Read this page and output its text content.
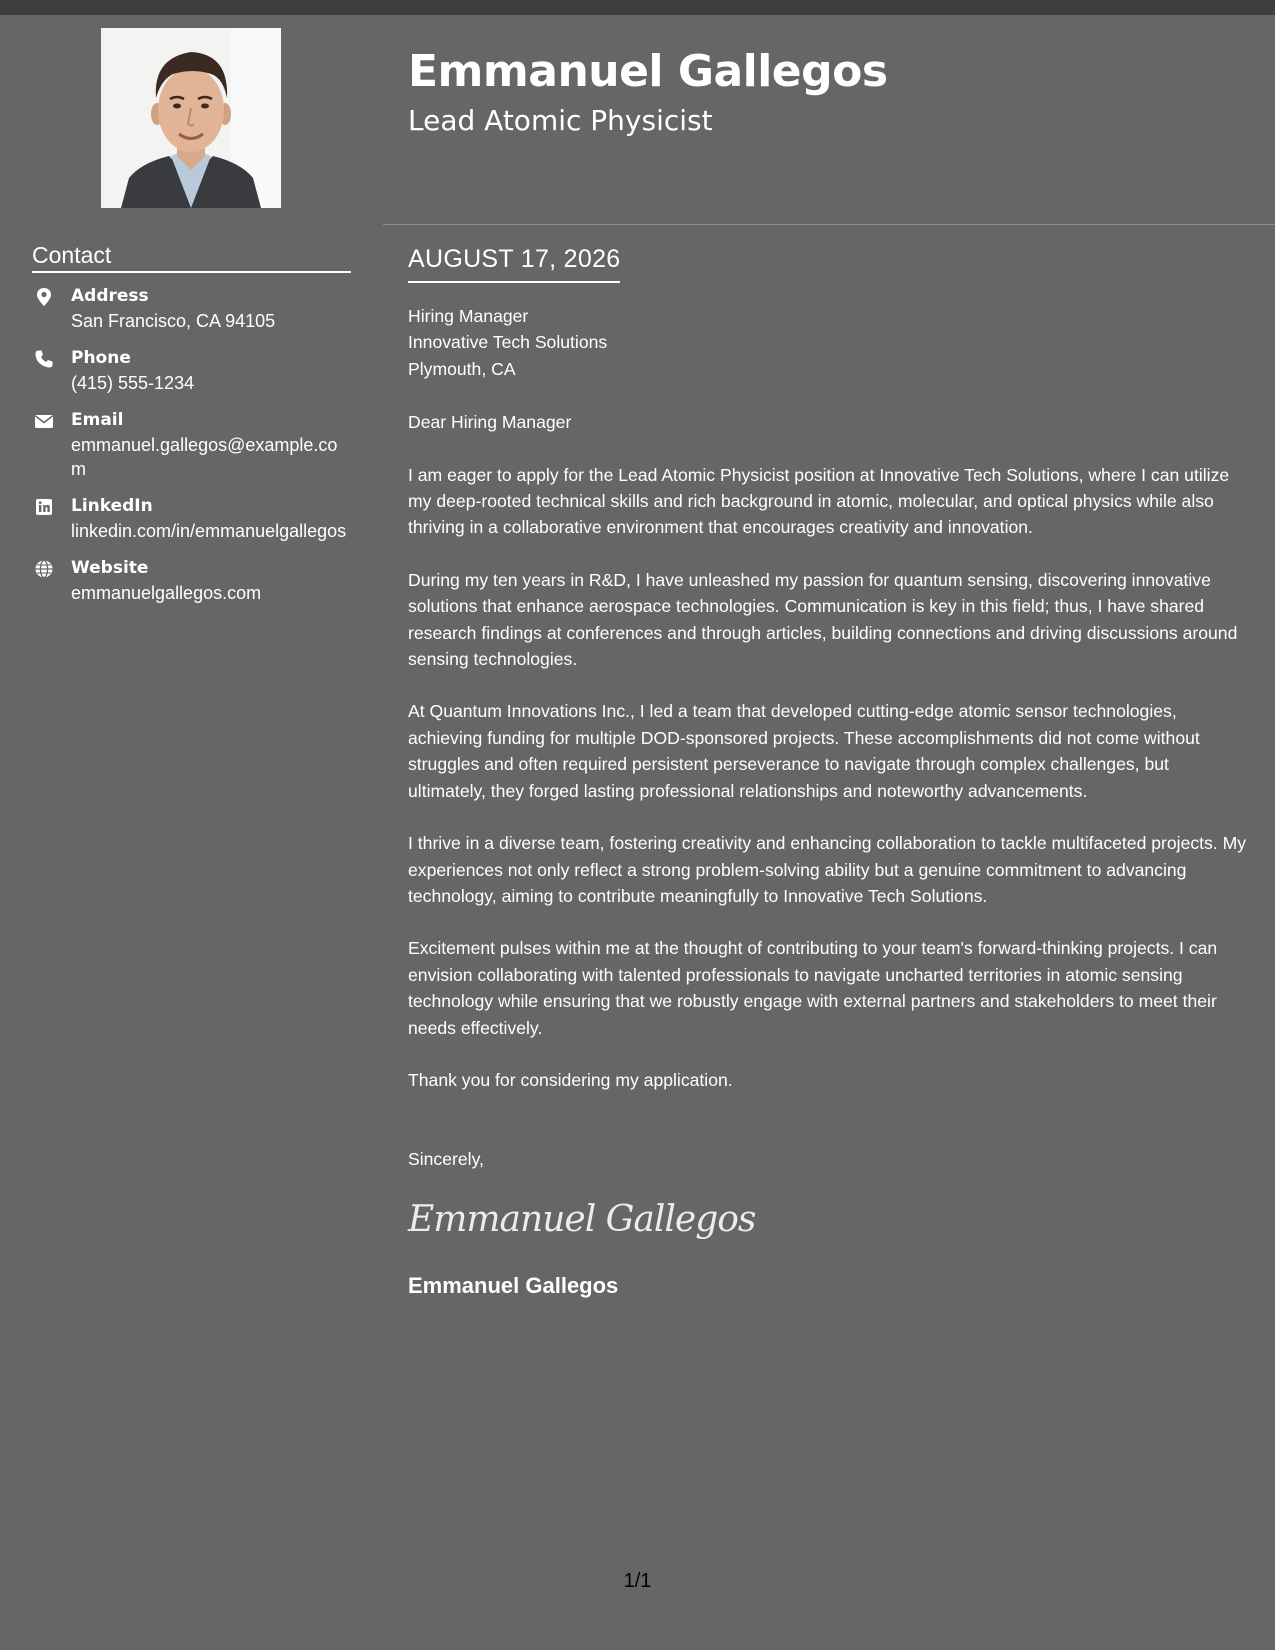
Emmanuel Gallegos
Lead Atomic Physicist
Contact
Address
San Francisco, CA 94105
Phone
(415) 555-1234
Email
emmanuel.gallegos@example.com
LinkedIn
linkedin.com/in/emmanuelgallegos
Website
emmanuelgallegos.com
AUGUST 17, 2026
Hiring Manager
Innovative Tech Solutions
Plymouth, CA
Dear Hiring Manager

I am eager to apply for the Lead Atomic Physicist position at Innovative Tech Solutions, where I can utilize my deep-rooted technical skills and rich background in atomic, molecular, and optical physics while also thriving in a collaborative environment that encourages creativity and innovation.

During my ten years in R&D, I have unleashed my passion for quantum sensing, discovering innovative solutions that enhance aerospace technologies. Communication is key in this field; thus, I have shared research findings at conferences and through articles, building connections and driving discussions around sensing technologies.

At Quantum Innovations Inc., I led a team that developed cutting-edge atomic sensor technologies, achieving funding for multiple DOD-sponsored projects. These accomplishments did not come without struggles and often required persistent perseverance to navigate through complex challenges, but ultimately, they forged lasting professional relationships and noteworthy advancements.

I thrive in a diverse team, fostering creativity and enhancing collaboration to tackle multifaceted projects. My experiences not only reflect a strong problem-solving ability but a genuine commitment to advancing technology, aiming to contribute meaningfully to Innovative Tech Solutions.

Excitement pulses within me at the thought of contributing to your team's forward-thinking projects. I can envision collaborating with talented professionals to navigate uncharted territories in atomic sensing technology while ensuring that we robustly engage with external partners and stakeholders to meet their needs effectively.

Thank you for considering my application.
Sincerely,
Emmanuel Gallegos
Emmanuel Gallegos
1/1
